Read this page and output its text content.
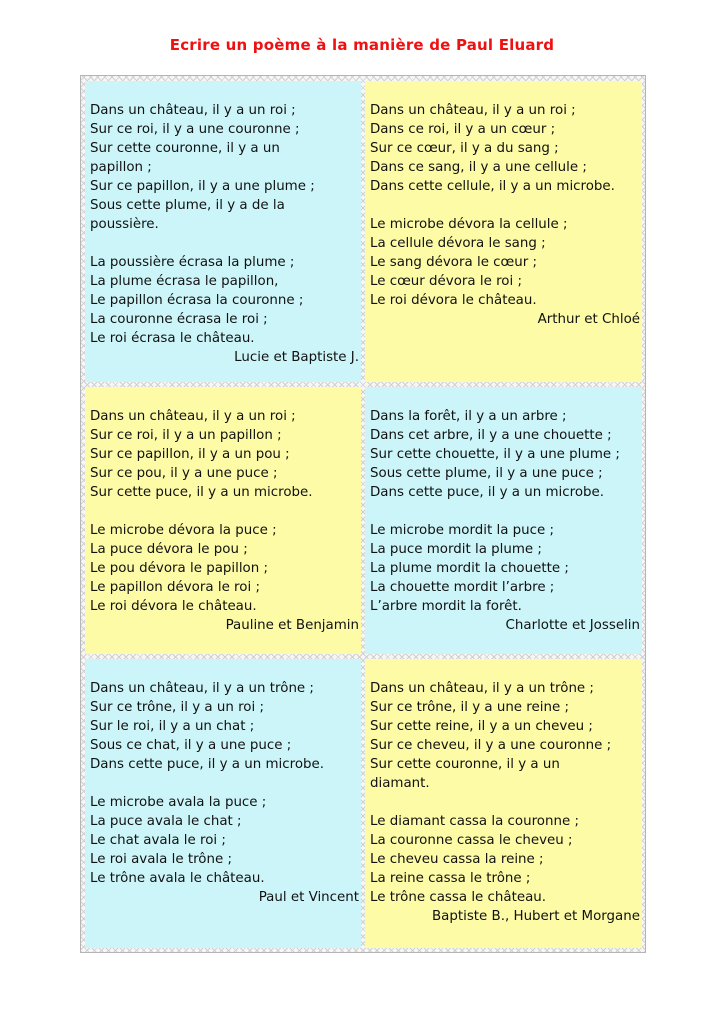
Ecrire un poème à la manière de Paul Eluard
Dans un château, il y a un roi ;
Sur ce roi, il y a une couronne ;
Sur cette couronne, il y a un
papillon ;
Sur ce papillon, il y a une plume ;
Sous cette plume, il y a de la
poussière.
La poussière écrasa la plume ;
La plume écrasa le papillon,
Le papillon écrasa la couronne ;
La couronne écrasa le roi ;
Le roi écrasa le château.
Lucie et Baptiste J.
Dans un château, il y a un roi ;
Dans ce roi, il y a un cœur ;
Sur ce cœur, il y a du sang ;
Dans ce sang, il y a une cellule ;
Dans cette cellule, il y a un microbe.
Le microbe dévora la cellule ;
La cellule dévora le sang ;
Le sang dévora le cœur ;
Le cœur dévora le roi ;
Le roi dévora le château.
Arthur et Chloé
Dans un château, il y a un roi ;
Sur ce roi, il y a un papillon ;
Sur ce papillon, il y a un pou ;
Sur ce pou, il y a une puce ;
Sur cette puce, il y a un microbe.
Le microbe dévora la puce ;
La puce dévora le pou ;
Le pou dévora le papillon ;
Le papillon dévora le roi ;
Le roi dévora le château.
Pauline et Benjamin
Dans la forêt, il y a un arbre ;
Dans cet arbre, il y a une chouette ;
Sur cette chouette, il y a une plume ;
Sous cette plume, il y a une puce ;
Dans cette puce, il y a un microbe.
Le microbe mordit la puce ;
La puce mordit la plume ;
La plume mordit la chouette ;
La chouette mordit l’arbre ;
L’arbre mordit la forêt.
Charlotte et Josselin
Dans un château, il y a un trône ;
Sur ce trône, il y a un roi ;
Sur le roi, il y a un chat ;
Sous ce chat, il y a une puce ;
Dans cette puce, il y a un microbe.
Le microbe avala la puce ;
La puce avala le chat ;
Le chat avala le roi ;
Le roi avala le trône ;
Le trône avala le château.
Paul et Vincent
Dans un château, il y a un trône ;
Sur ce trône, il y a une reine ;
Sur cette reine, il y a un cheveu ;
Sur ce cheveu, il y a une couronne ;
Sur cette couronne, il y a un
diamant.
Le diamant cassa la couronne ;
La couronne cassa le cheveu ;
Le cheveu cassa la reine ;
La reine cassa le trône ;
Le trône cassa le château.
Baptiste B., Hubert et Morgane
